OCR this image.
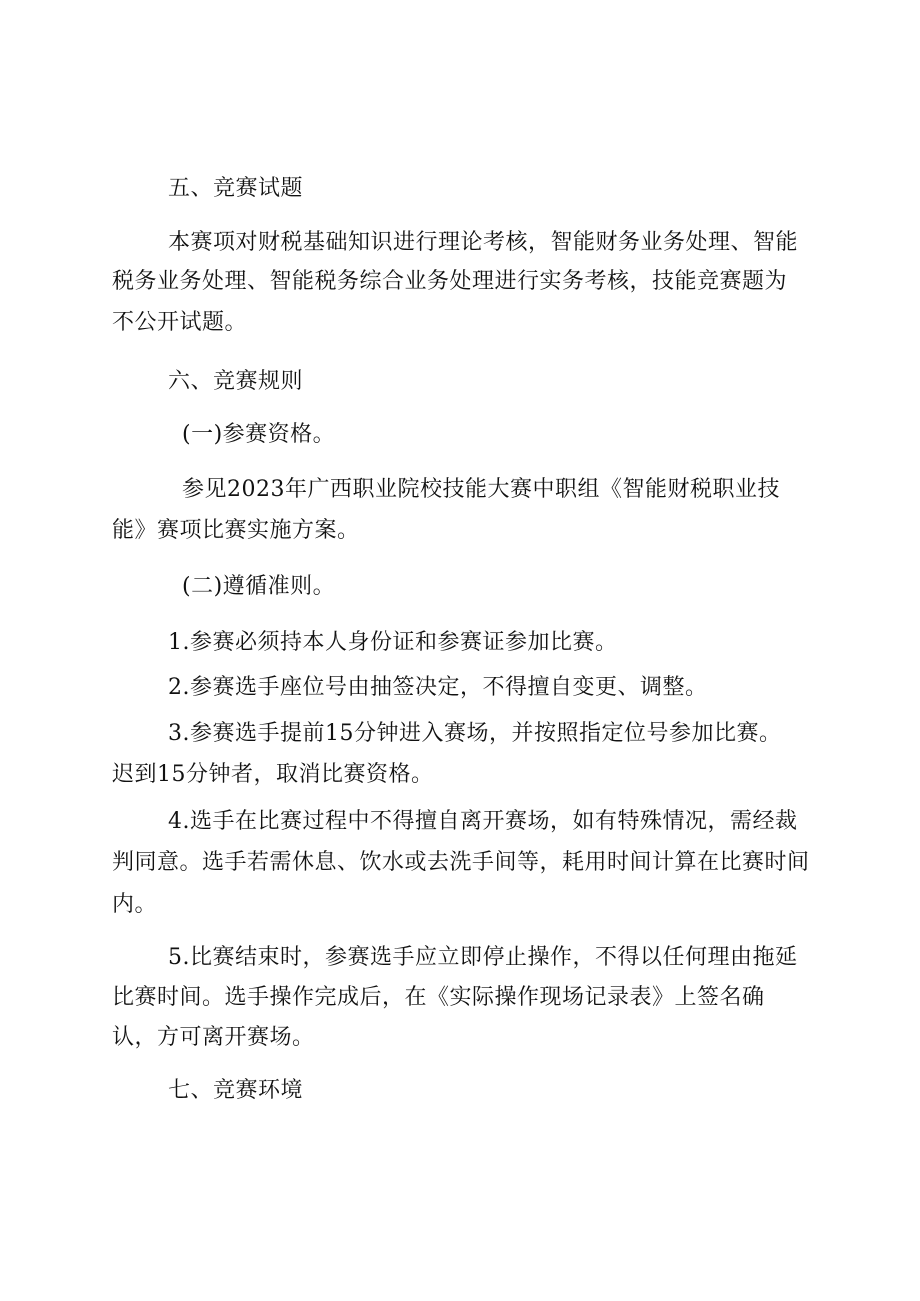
五、竞赛试题
本赛项对财税基础知识进行理论考核，智能财务业务处理、智能
税务业务处理、智能税务综合业务处理进行实务考核，技能竞赛题为
不公开试题。
六、竞赛规则
(一)参赛资格。
参见2023年广西职业院校技能大赛中职组《智能财税职业技
能》赛项比赛实施方案。
(二)遵循准则。
1.参赛必须持本人身份证和参赛证参加比赛。
2.参赛选手座位号由抽签决定，不得擅自变更、调整。
3.参赛选手提前15分钟进入赛场，并按照指定位号参加比赛。
迟到15分钟者，取消比赛资格。
4.选手在比赛过程中不得擅自离开赛场，如有特殊情况，需经裁
判同意。选手若需休息、饮水或去洗手间等，耗用时间计算在比赛时间
内。
5.比赛结束时，参赛选手应立即停止操作，不得以任何理由拖延
比赛时间。选手操作完成后，在《实际操作现场记录表》上签名确
认，方可离开赛场。
七、竞赛环境
